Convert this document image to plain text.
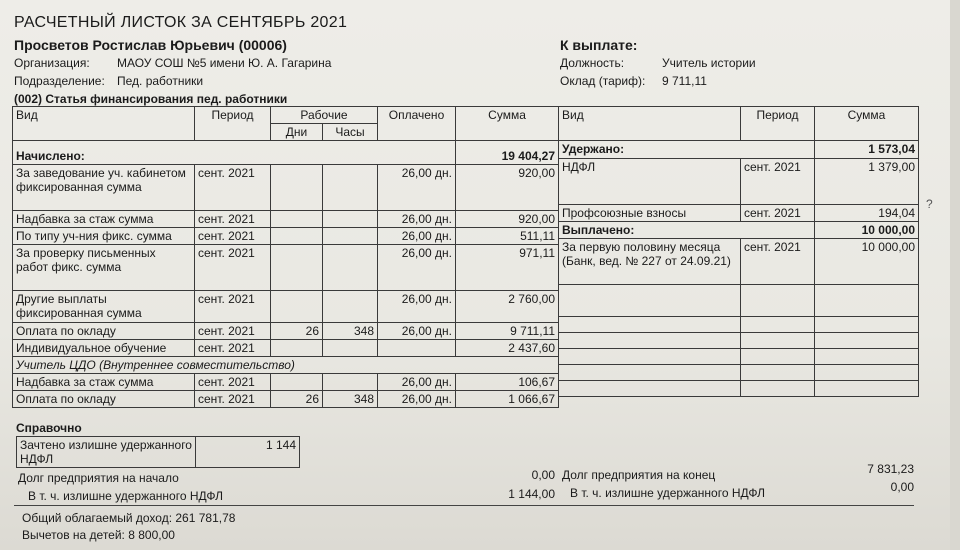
РАСЧЕТНЫЙ ЛИСТОК ЗА СЕНТЯБРЬ 2021
Просветов Ростислав Юрьевич (00006)
Организация: МАОУ СОШ №5 имени Ю. А. Гагарина
Подразделение: Пед. работники
(002) Статья финансирования пед. работники
К выплате:
Должность:	Учитель истории
Оклад (тариф): 9 711,11
Вид	Период	Рабочие		Оплачено	Сумма
		Дни	Часы		
Начислено:					19 404,27
За заведование уч. кабинетом фиксированная сумма	сент. 2021			26,00 дн.	920,00
Надбавка за стаж сумма	сент. 2021			26,00 дн.	920,00
По типу уч-ния фикс. сумма	сент. 2021			26,00 дн.	511,11
За проверку письменных работ фикс. сумма	сент. 2021			26,00 дн.	971,11
Другие выплаты фиксированная сумма	сент. 2021			26,00 дн.	2 760,00
Оплата по окладу	сент. 2021	26	348	26,00 дн.	9 711,11
Индивидуальное обучение	сент. 2021				2 437,60
Учитель ЦДО (Внутреннее совместительство)					
Надбавка за стаж сумма	сент. 2021			26,00 дн.	106,67
Оплата по окладу	сент. 2021	26	348	26,00 дн.	1 066,67
Вид	Период	Сумма
Удержано:		1 573,04
НДФЛ	сент. 2021	1 379,00
Профсоюзные взносы	сент. 2021	194,04
Выплачено:		10 000,00
За первую половину месяца (Банк, вед. № 227 от 24.09.21)	сент. 2021	10 000,00

Справочно
Зачтено излишне удержанного НДФЛ	1 144
Долг предприятия на начало	0,00
В т. ч. излишне удержанного НДФЛ	1 144,00
Долг предприятия на конец	7 831,23
В т. ч. излишне удержанного НДФЛ	0,00
Общий облагаемый доход: 261 781,78
Вычетов на детей: 8 800,00
?
